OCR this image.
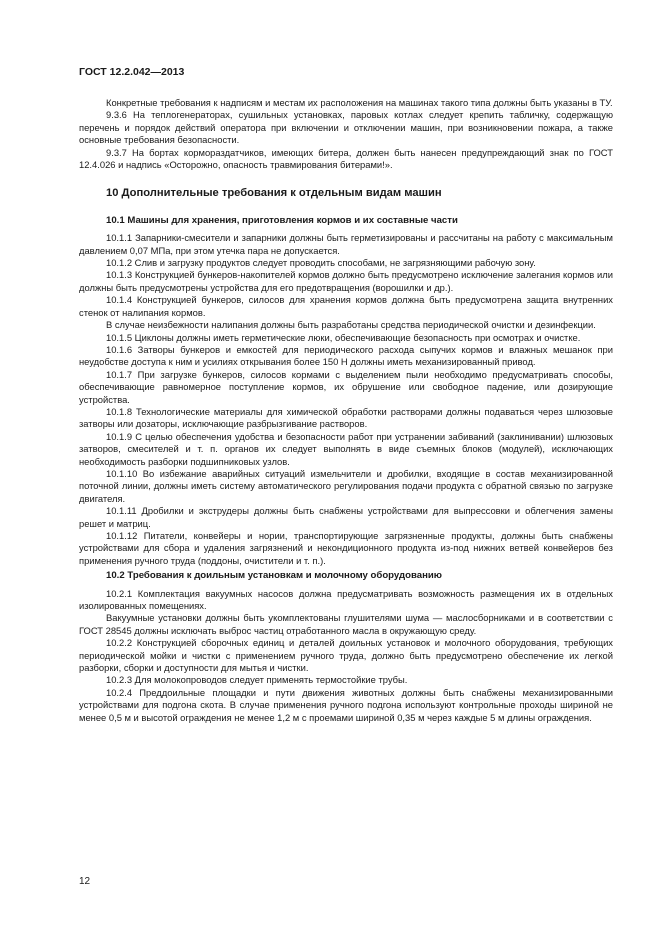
ГОСТ 12.2.042—2013

Конкретные требования к надписям и местам их расположения на машинах такого типа должны быть указаны в ТУ.

9.3.6 На теплогенераторах, сушильных установках, паровых котлах следует крепить табличку, содержащую перечень и порядок действий оператора при включении и отключении машин, при возникновении пожара, а также основные требования безопасности.

9.3.7 На бортах кормораздатчиков, имеющих битера, должен быть нанесен предупреждающий знак по ГОСТ 12.4.026 и надпись «Осторожно, опасность травмирования битерами!».

10 Дополнительные требования к отдельным видам машин
10.1 Машины для хранения, приготовления кормов и их составные части

10.1.1 Запарники-смесители и запарники должны быть герметизированы и рассчитаны на работу с максимальным давлением 0,07 МПа, при этом утечка пара не допускается.

10.1.2 Слив и загрузку продуктов следует проводить способами, не загрязняющими рабочую зону.

10.1.3 Конструкцией бункеров-накопителей кормов должно быть предусмотрено исключение залегания кормов или должны быть предусмотрены устройства для его предотвращения (ворошилки и др.).

10.1.4 Конструкцией бункеров, силосов для хранения кормов должна быть предусмотрена защита внутренних стенок от налипания кормов.

В случае неизбежности налипания должны быть разработаны средства периодической очистки и дезинфекции.

10.1.5 Циклоны должны иметь герметические люки, обеспечивающие безопасность при осмотрах и очистке.

10.1.6 Затворы бункеров и емкостей для периодического расхода сыпучих кормов и влажных мешанок при неудобстве доступа к ним и усилиях открывания более 150 Н должны иметь механизированный привод.

10.1.7 При загрузке бункеров, силосов кормами с выделением пыли необходимо предусматривать способы, обеспечивающие равномерное поступление кормов, их обрушение или свободное падение, или дозирующие устройства.

10.1.8 Технологические материалы для химической обработки растворами должны подаваться через шлюзовые затворы или дозаторы, исключающие разбрызгивание растворов.

10.1.9 С целью обеспечения удобства и безопасности работ при устранении забиваний (заклинивании) шлюзовых затворов, смесителей и т. п. органов их следует выполнять в виде съемных блоков (модулей), исключающих необходимость разборки подшипниковых узлов.

10.1.10 Во избежание аварийных ситуаций измельчители и дробилки, входящие в состав механизированной поточной линии, должны иметь систему автоматического регулирования подачи продукта с обратной связью по загрузке двигателя.

10.1.11 Дробилки и экструдеры должны быть снабжены устройствами для выпрессовки и облегчения замены решет и матриц.

10.1.12 Питатели, конвейеры и нории, транспортирующие загрязненные продукты, должны быть снабжены устройствами для сбора и удаления загрязнений и некондиционного продукта из-под нижних ветвей конвейеров без применения ручного труда (поддоны, очистители и т. п.).

10.2 Требования к доильным установкам и молочному оборудованию

10.2.1 Комплектация вакуумных насосов должна предусматривать возможность размещения их в отдельных изолированных помещениях.

Вакуумные установки должны быть укомплектованы глушителями шума — маслосборниками и в соответствии с ГОСТ 28545 должны исключать выброс частиц отработанного масла в окружающую среду.

10.2.2 Конструкцией сборочных единиц и деталей доильных установок и молочного оборудования, требующих периодической мойки и чистки с применением ручного труда, должно быть предусмотрено обеспечение их легкой разборки, сборки и доступности для мытья и чистки.

10.2.3 Для молокопроводов следует применять термостойкие трубы.

10.2.4 Преддоильные площадки и пути движения животных должны быть снабжены механизированными устройствами для подгона скота. В случае применения ручного подгона используют контрольные проходы шириной не менее 0,5 м и высотой ограждения не менее 1,2 м с проемами шириной 0,35 м через каждые 5 м длины ограждения.

12
